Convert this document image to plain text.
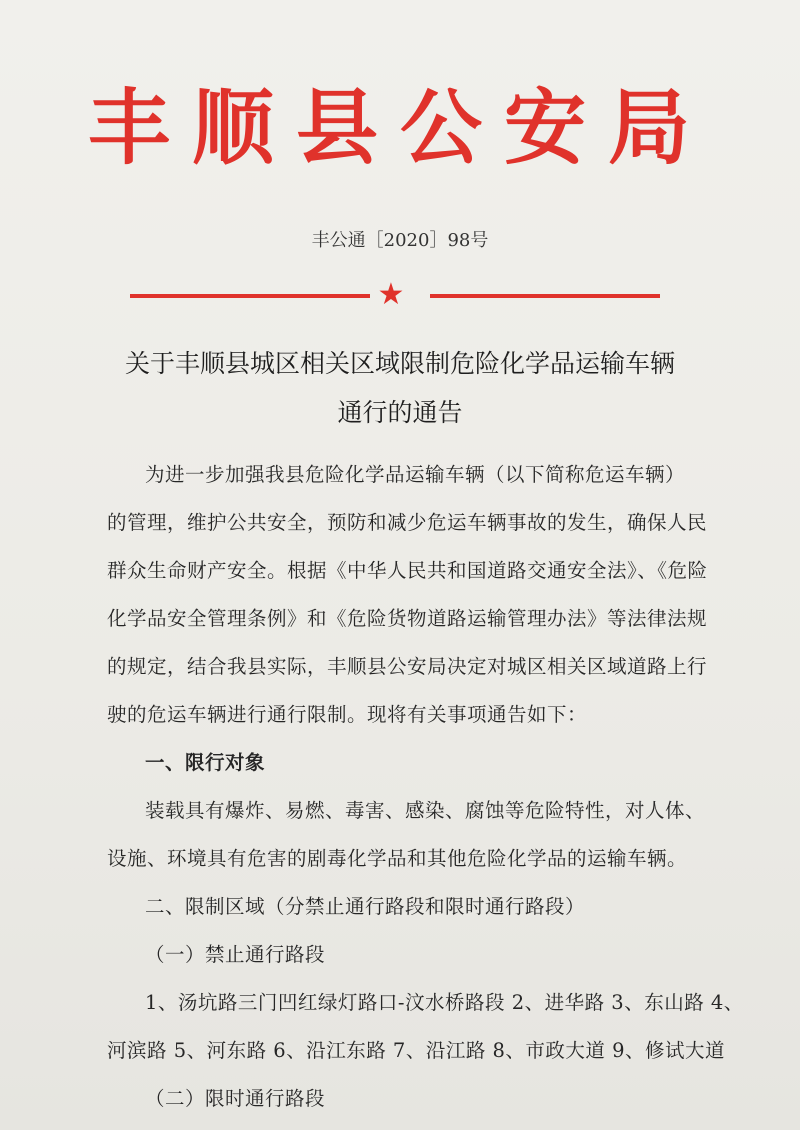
丰顺县公安局
丰公通［2020］98号
★
关于丰顺县城区相关区域限制危险化学品运输车辆
通行的通告
为进一步加强我县危险化学品运输车辆（以下简称危运车辆）
的管理，维护公共安全，预防和减少危运车辆事故的发生，确保人民
群众生命财产安全。根据《中华人民共和国道路交通安全法》、《危险
化学品安全管理条例》和《危险货物道路运输管理办法》等法律法规
的规定，结合我县实际，丰顺县公安局决定对城区相关区域道路上行
驶的危运车辆进行通行限制。现将有关事项通告如下：
一、限行对象
装载具有爆炸、易燃、毒害、感染、腐蚀等危险特性，对人体、
设施、环境具有危害的剧毒化学品和其他危险化学品的运输车辆。
二、限制区域（分禁止通行路段和限时通行路段）
（一）禁止通行路段
1、汤坑路三门凹红绿灯路口-汶水桥路段 2、进华路 3、东山路 4、
河滨路 5、河东路 6、沿江东路 7、沿江路 8、市政大道 9、修试大道
（二）限时通行路段
